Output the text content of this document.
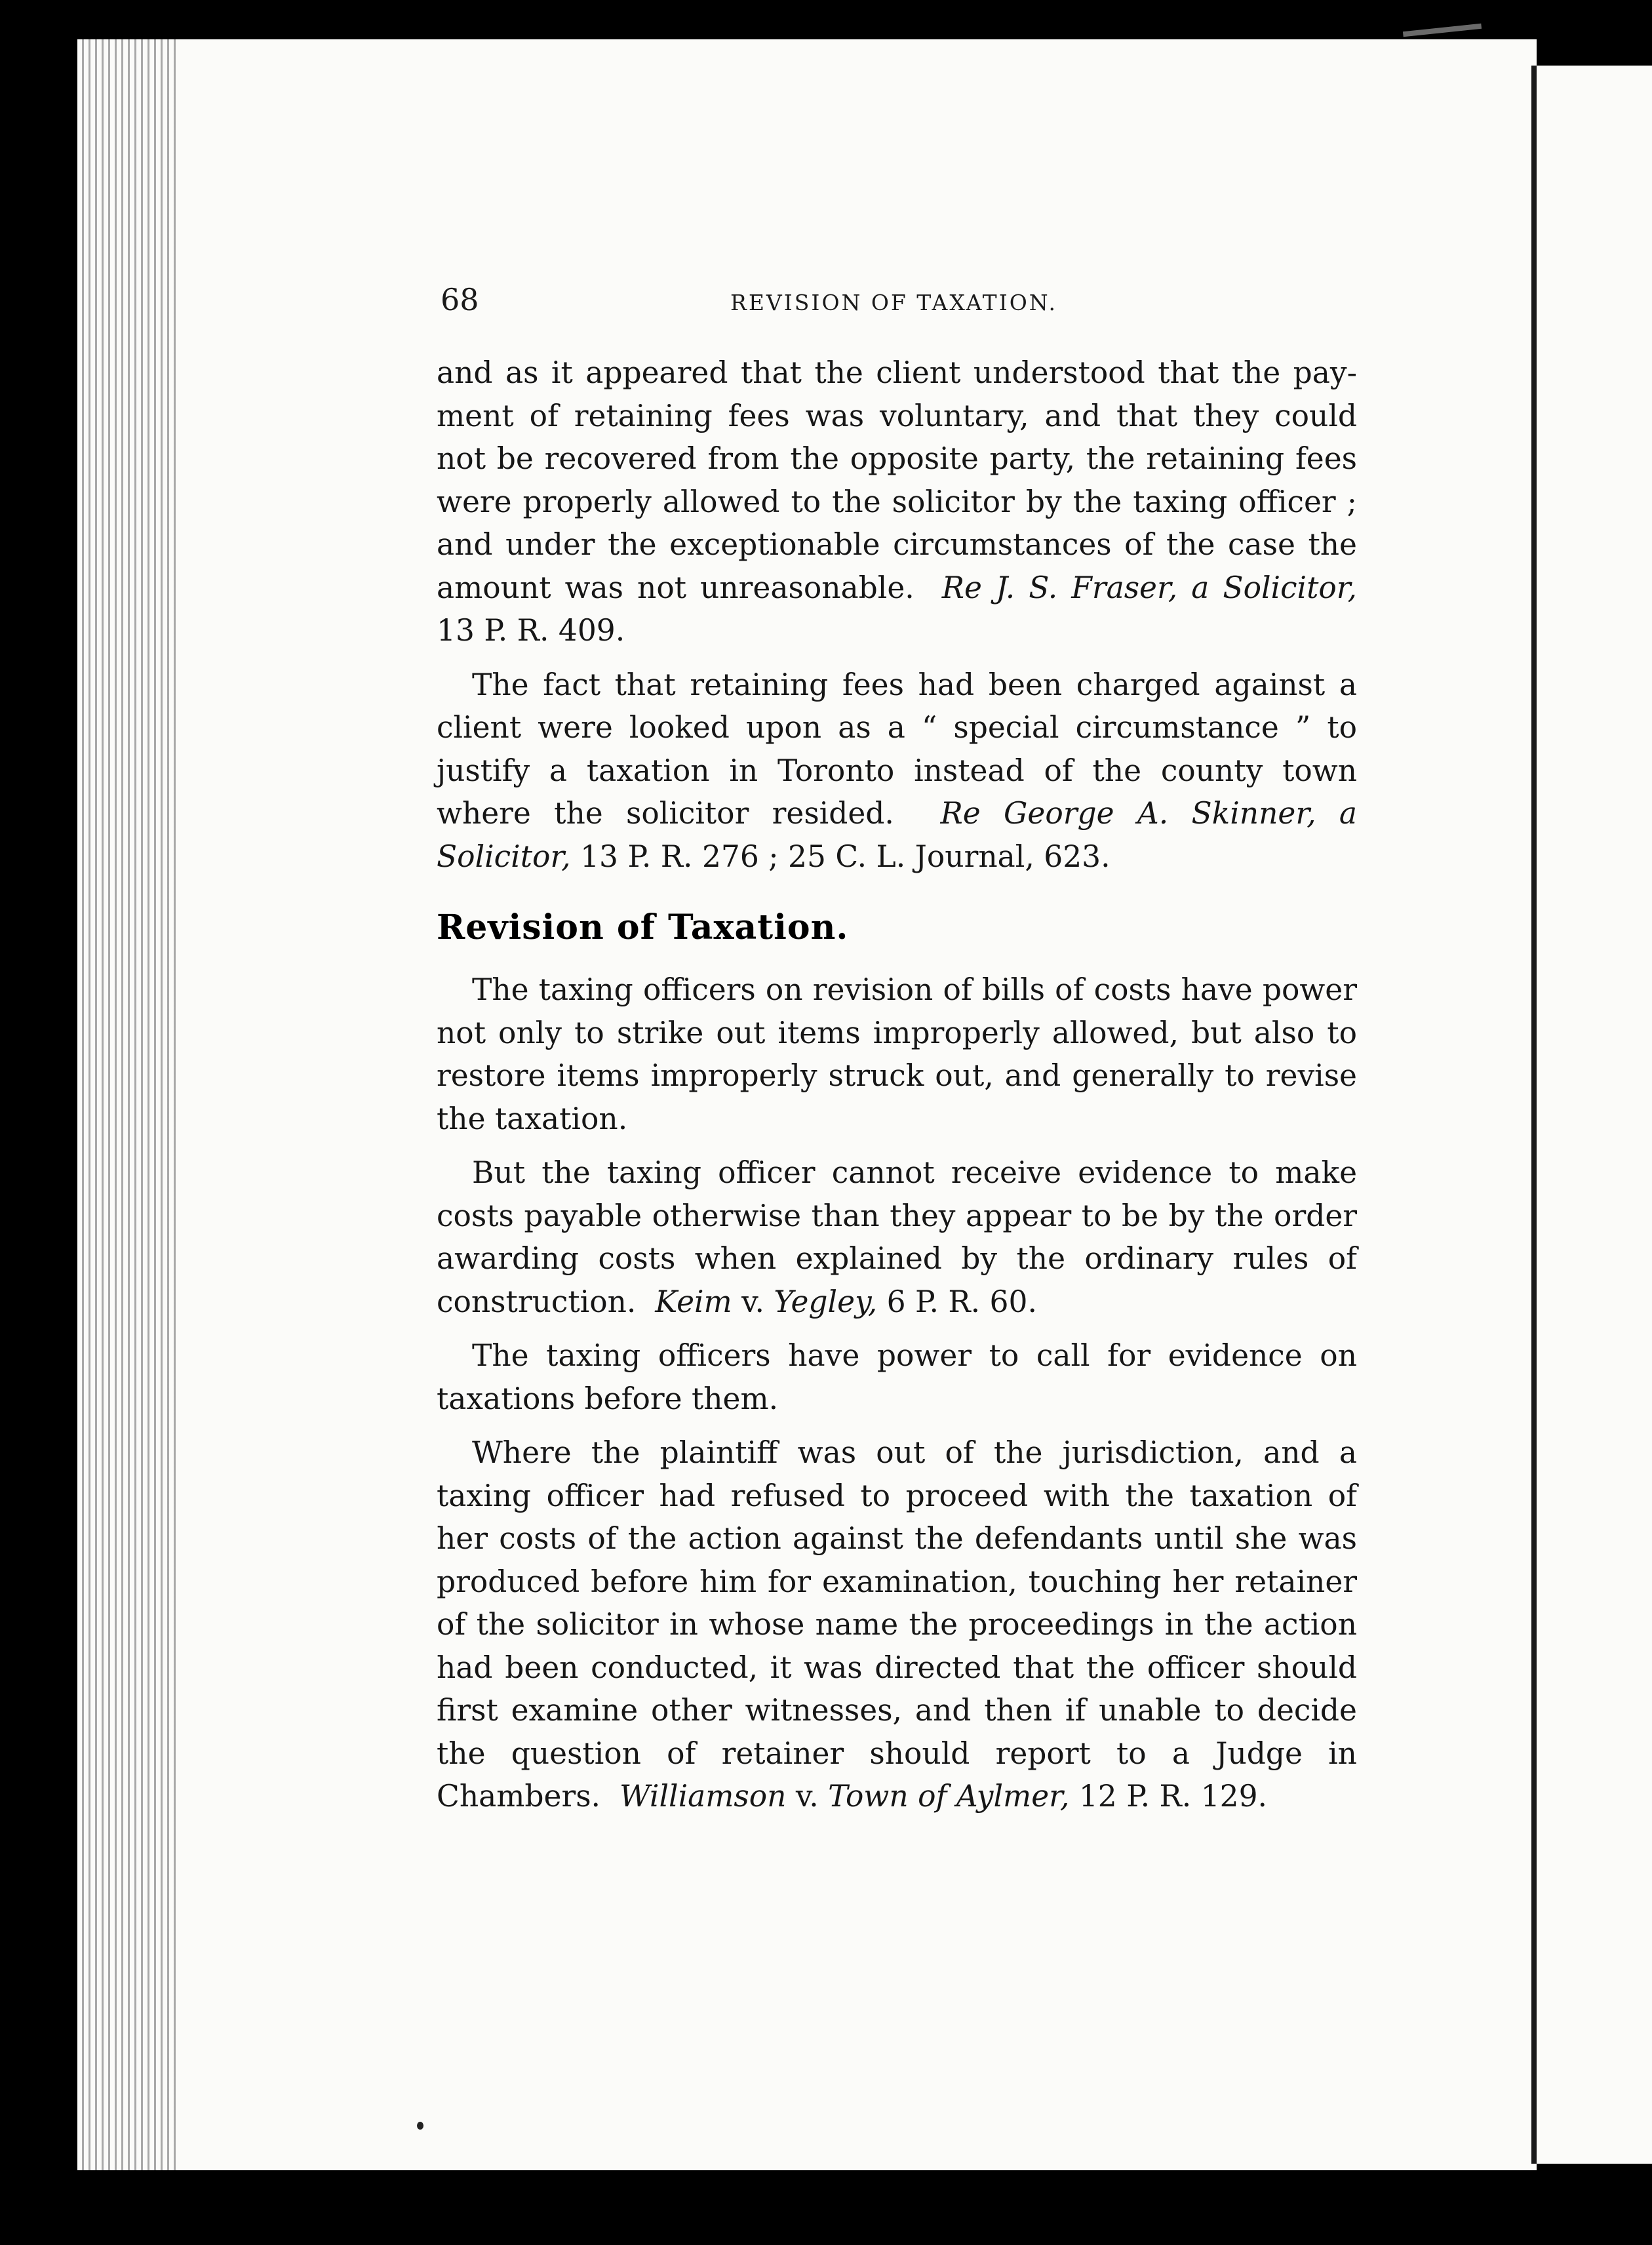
68	REVISION OF TAXATION.

and as it appeared that the client understood that the payment of retaining fees was voluntary, and that they could not be recovered from the opposite party, the retaining fees were properly allowed to the solicitor by the taxing officer ; and under the exceptionable circumstances of the case the amount was not unreasonable. Re J. S. Fraser, a Solicitor, 13 P. R. 409.

The fact that retaining fees had been charged against a client were looked upon as a “ special circumstance ” to justify a taxation in Toronto instead of the county town where the solicitor resided. Re George A. Skinner, a Solicitor, 13 P. R. 276 ; 25 C. L. Journal, 623.

Revision of Taxation.

The taxing officers on revision of bills of costs have power not only to strike out items improperly allowed, but also to restore items improperly struck out, and generally to revise the taxation.

But the taxing officer cannot receive evidence to make costs payable otherwise than they appear to be by the order awarding costs when explained by the ordinary rules of construction. Keim v. Yegley, 6 P. R. 60.

The taxing officers have power to call for evidence on taxations before them.

Where the plaintiff was out of the jurisdiction, and a taxing officer had refused to proceed with the taxation of her costs of the action against the defendants until she was produced before him for examination, touching her retainer of the solicitor in whose name the proceedings in the action had been conducted, it was directed that the officer should first examine other witnesses, and then if unable to decide the question of retainer should report to a Judge in Chambers. Williamson v. Town of Aylmer, 12 P. R. 129.
